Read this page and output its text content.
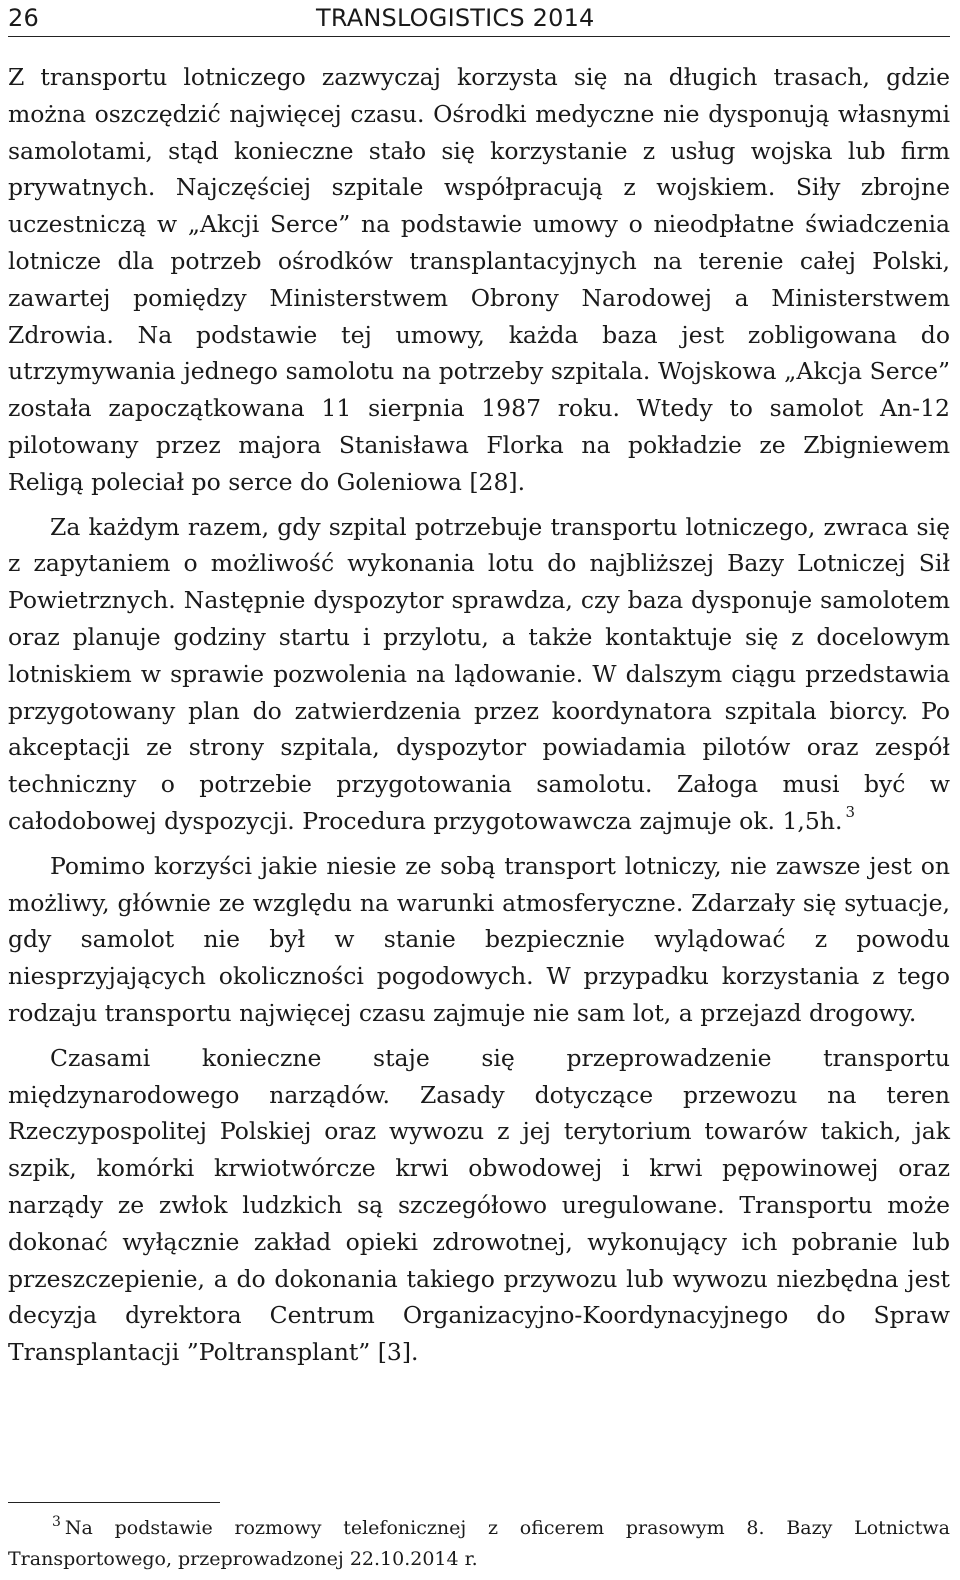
26	TRANSLOGISTICS 2014

Z transportu lotniczego zazwyczaj korzysta się na długich trasach, gdzie można oszczędzić najwięcej czasu. Ośrodki medyczne nie dysponują własnymi samolotami, stąd konieczne stało się korzystanie z usług wojska lub firm prywatnych. Najczęściej szpitale współpracują z wojskiem. Siły zbrojne uczestniczą w „Akcji Serce” na podstawie umowy o nieodpłatne świadczenia lotnicze dla potrzeb ośrodków transplantacyjnych na terenie całej Polski, zawartej pomiędzy Ministerstwem Obrony Narodowej a Ministerstwem Zdrowia. Na podstawie tej umowy, każda baza jest zobligowana do utrzymywania jednego samolotu na potrzeby szpitala. Wojskowa „Akcja Serce” została zapoczątkowana 11 sierpnia 1987 roku. Wtedy to samolot An-12 pilotowany przez majora Stanisława Florka na pokładzie ze Zbigniewem Religą poleciał po serce do Goleniowa [28].

Za każdym razem, gdy szpital potrzebuje transportu lotniczego, zwraca się z zapytaniem o możliwość wykonania lotu do najbliższej Bazy Lotniczej Sił Powietrznych. Następnie dyspozytor sprawdza, czy baza dysponuje samolotem oraz planuje godziny startu i przylotu, a także kontaktuje się z docelowym lotniskiem w sprawie pozwolenia na lądowanie. W dalszym ciągu przedstawia przygotowany plan do zatwierdzenia przez koordynatora szpitala biorcy. Po akceptacji ze strony szpitala, dyspozytor powiadamia pilotów oraz zespół techniczny o potrzebie przygotowania samolotu. Załoga musi być w całodobowej dyspozycji. Procedura przygotowawcza zajmuje ok. 1,5h. $^3$

Pomimo korzyści jakie niesie ze sobą transport lotniczy, nie zawsze jest on możliwy, głównie ze względu na warunki atmosferyczne. Zdarzały się sytuacje, gdy samolot nie był w stanie bezpiecznie wylądować z powodu niesprzyjających okoliczności pogodowych. W przypadku korzystania z tego rodzaju transportu najwięcej czasu zajmuje nie sam lot, a przejazd drogowy.

Czasami konieczne staje się przeprowadzenie transportu międzynarodowego narządów. Zasady dotyczące przewozu na teren Rzeczypospolitej Polskiej oraz wywozu z jej terytorium towarów takich, jak szpik, komórki krwiotwórcze krwi obwodowej i krwi pępowinowej oraz narządy ze zwłok ludzkich są szczegółowo uregulowane. Transportu może dokonać wyłącznie zakład opieki zdrowotnej, wykonujący ich pobranie lub przeszczepienie, a do dokonania takiego przywozu lub wywozu niezbędna jest decyzja dyrektora Centrum Organizacyjno-Koordynacyjnego do Spraw Transplantacji ”Poltransplant” [3].

$^3$ Na podstawie rozmowy telefonicznej z oficerem prasowym 8. Bazy Lotnictwa Transportowego, przeprowadzonej 22.10.2014 r.
